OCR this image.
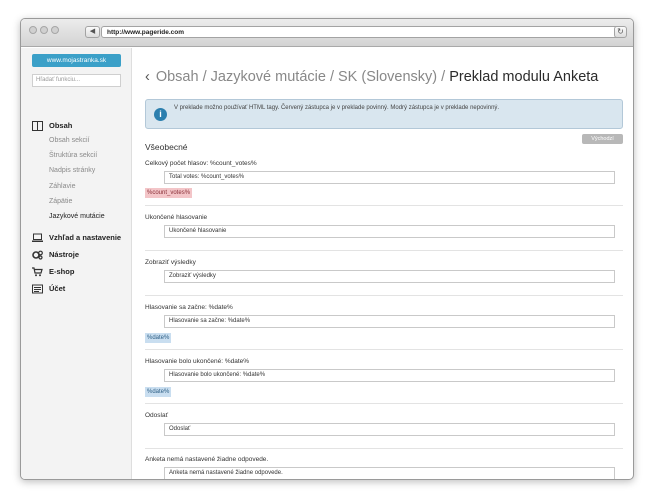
◀	http://www.pageride.com	↻
www.mojastranka.sk
Hľadať funkciu...
Obsah
Obsah sekcií
Štruktúra sekcií
Nadpis stránky
Záhlavie
Zápätie
Jazykové mutácie
Vzhľad a nastavenie
Nástroje
E-shop
Účet
‹ Obsah / Jazykové mutácie / SK (Slovensky) / Preklad modulu Anketa
i
V preklade možno používať HTML tagy. Červený zástupca je v preklade povinný. Modrý zástupca je v preklade nepovinný.
Východzí
Všeobecné
Celkový počet hlasov: %count_votes%
Total votes: %count_votes%
%count_votes%
Ukončené hlasovanie
Ukončené hlasovanie
Zobraziť výsledky
Zobraziť výsledky
Hlasovanie sa začne: %date%
Hlasovanie sa začne: %date%
%date%
Hlasovanie bolo ukončené: %date%
Hlasovanie bolo ukončené: %date%
%date%
Odoslať
Odoslať
Anketa nemá nastavené žiadne odpovede.
Anketa nemá nastavené žiadne odpovede.
